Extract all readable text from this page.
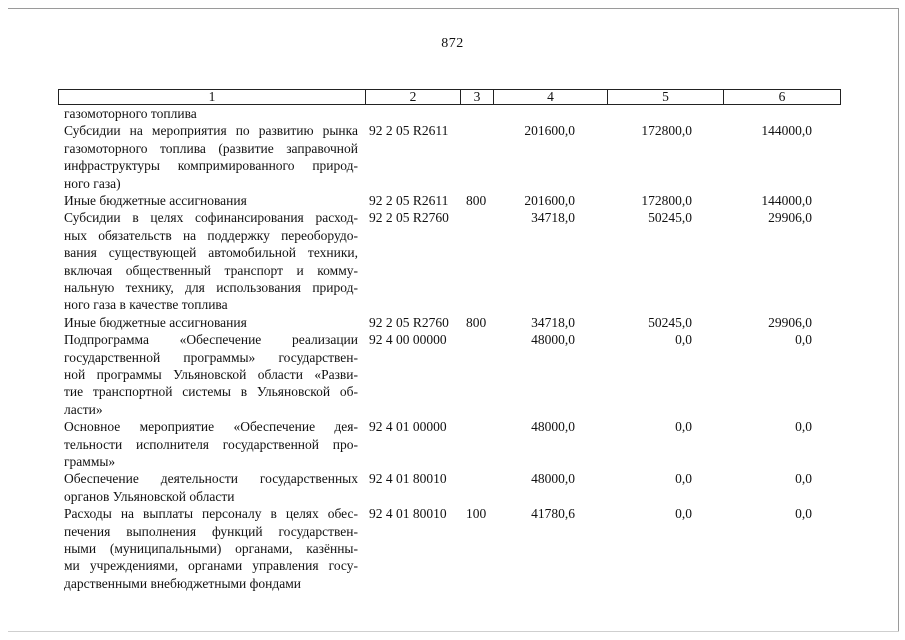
872
1	2	3	4	5	6
газомоторного топлива
Субсидии на мероприятия по развитию рынка
газомоторного топлива (развитие заправочной
инфраструктуры компримированного природ-
ного газа)
92 2 05 R2611	201600,0	172800,0	144000,0
Иные бюджетные ассигнования	92 2 05 R2611 800	201600,0	172800,0	144000,0
Субсидии в целях софинансирования расход-
ных обязательств на поддержку переоборудо-
вания существующей автомобильной техники,
включая общественный транспорт и комму-
нальную технику, для использования природ-
ного газа в качестве топлива
92 2 05 R2760	34718,0	50245,0	29906,0
Иные бюджетные ассигнования	92 2 05 R2760 800	34718,0	50245,0	29906,0
Подпрограмма «Обеспечение реализации
государственной программы» государствен-
ной программы Ульяновской области «Разви-
тие транспортной системы в Ульяновской об-
ласти»
92 4 00 00000	48000,0	0,0	0,0
Основное мероприятие «Обеспечение дея-
тельности исполнителя государственной про-
граммы»
92 4 01 00000	48000,0	0,0	0,0
Обеспечение деятельности государственных
органов Ульяновской области
92 4 01 80010	48000,0	0,0	0,0
Расходы на выплаты персоналу в целях обес-
печения выполнения функций государствен-
ными (муниципальными) органами, казённы-
ми учреждениями, органами управления госу-
дарственными внебюджетными фондами
92 4 01 80010 100	41780,6	0,0	0,0
